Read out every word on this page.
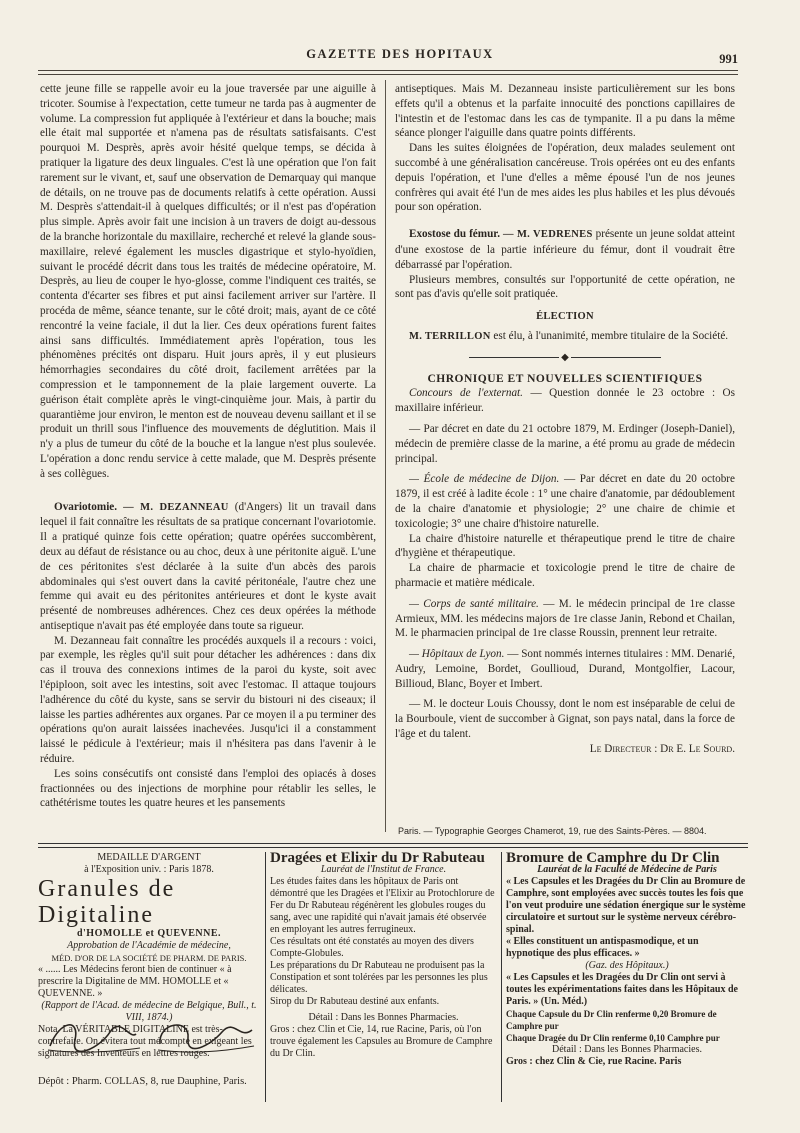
GAZETTE DES HOPITAUX	991

cette jeune fille se rappelle avoir eu la joue traversée par une aiguille à tricoter. Soumise à l'expectation, cette tumeur ne tarda pas à augmenter de volume. La compression fut appliquée à l'extérieur et dans la bouche; mais elle était mal supportée et n'amena pas de résultats satisfaisants. C'est pourquoi M. Desprès, après avoir hésité quelque temps, se décida à pratiquer la ligature des deux linguales. C'est là une opération que l'on fait rarement sur le vivant, et, sauf une observation de Demarquay qui manque de détails, on ne trouve pas de documents relatifs à cette opération. Aussi M. Desprès s'attendait-il à quelques difficultés; or il n'est pas d'opération plus simple. Après avoir fait une incision à un travers de doigt au-dessous de la branche horizontale du maxillaire, recherché et relevé la glande sous-maxillaire, relevé également les muscles digastrique et stylo-hyoïdien, suivant le procédé décrit dans tous les traités de médecine opératoire, M. Desprès, au lieu de couper le hyo-glosse, comme l'indiquent ces traités, se contenta d'écarter ses fibres et put ainsi facilement arriver sur l'artère. Il procéda de même, séance tenante, sur le côté droit; mais, ayant de ce côté rencontré la veine faciale, il dut la lier. Ces deux opérations furent faites ainsi sans difficultés. Immédiatement après l'opération, tous les phénomènes précités ont disparu. Huit jours après, il y eut plusieurs hémorrhagies secondaires du côté droit, facilement arrêtées par la compression et le tamponnement de la plaie largement ouverte. La guérison était complète après le vingt-cinquième jour. Mais, à partir du quarantième jour environ, le menton est de nouveau devenu saillant et il se produit un thrill sous l'influence des mouvements de déglutition. Mais il n'y a plus de tumeur du côté de la bouche et la langue n'est plus soulevée. L'opération a donc rendu service à cette malade, que M. Desprès présente à ses collègues.

Ovariotomie. — M. DEZANNEAU (d'Angers) lit un travail dans lequel il fait connaître les résultats de sa pratique concernant l'ovariotomie. Il a pratiqué quinze fois cette opération; quatre opérées succombèrent, deux au défaut de résistance ou au choc, deux à une péritonite aiguë. L'une de ces péritonites s'est déclarée à la suite d'un abcès des parois abdominales qui s'est ouvert dans la cavité péritonéale, l'autre chez une femme qui avait eu des péritonites antérieures et dont le kyste avait présenté de nombreuses adhérences. Chez ces deux opérées la méthode antiseptique n'avait pas été employée dans toute sa rigueur.

M. Dezanneau fait connaître les procédés auxquels il a recours : voici, par exemple, les règles qu'il suit pour détacher les adhérences : dans dix cas il trouva des connexions intimes de la paroi du kyste, soit avec l'épiploon, soit avec les intestins, soit avec l'estomac. Il attaque toujours l'adhérence du côté du kyste, sans se servir du bistouri ni des ciseaux; il laisse les parties adhérentes aux organes. Par ce moyen il a pu terminer des opérations qu'on aurait laissées inachevées. Jusqu'ici il a constamment laissé le pédicule à l'extérieur; mais il n'hésitera pas dans l'avenir à le réduire.

Les soins consécutifs ont consisté dans l'emploi des opiacés à doses fractionnées ou des injections de morphine pour rétablir les selles, le cathétérisme toutes les quatre heures et les pansements

antiseptiques. Mais M. Dezanneau insiste particulièrement sur les bons effets qu'il a obtenus et la parfaite innocuité des ponctions capillaires de l'intestin et de l'estomac dans les cas de tympanite. Il a pu dans la même séance plonger l'aiguille dans quatre points différents.

Dans les suites éloignées de l'opération, deux malades seulement ont succombé à une généralisation cancéreuse. Trois opérées ont eu des enfants depuis l'opération, et l'une d'elles a même épousé l'un de nos jeunes confrères qui avait été l'un de mes aides les plus habiles et les plus dévoués pour son opération.

Exostose du fémur. — M. VEDRENES présente un jeune soldat atteint d'une exostose de la partie inférieure du fémur, dont il voudrait être débarrassé par l'opération.

Plusieurs membres, consultés sur l'opportunité de cette opération, ne sont pas d'avis qu'elle soit pratiquée.

ÉLECTION

M. TERRILLON est élu, à l'unanimité, membre titulaire de la Société.

◆

CHRONIQUE ET NOUVELLES SCIENTIFIQUES

Concours de l'externat. — Question donnée le 23 octobre : Os maxillaire inférieur.

— Par décret en date du 21 octobre 1879, M. Erdinger (Joseph-Daniel), médecin de première classe de la marine, a été promu au grade de médecin principal.

— École de médecine de Dijon. — Par décret en date du 20 octobre 1879, il est créé à ladite école : 1° une chaire d'anatomie, par dédoublement de la chaire d'anatomie et physiologie; 2° une chaire de chimie et toxicologie; 3° une chaire d'histoire naturelle.

La chaire d'histoire naturelle et thérapeutique prend le titre de chaire d'hygiène et thérapeutique.

La chaire de pharmacie et toxicologie prend le titre de chaire de pharmacie et matière médicale.

— Corps de santé militaire. — M. le médecin principal de 1re classe Armieux, MM. les médecins majors de 1re classe Janin, Rebond et Chailan, M. le pharmacien principal de 1re classe Roussin, prennent leur retraite.

— Hôpitaux de Lyon. — Sont nommés internes titulaires : MM. Denarié, Audry, Lemoine, Bordet, Goullioud, Durand, Montgolfier, Lacour, Billioud, Blanc, Boyer et Imbert.

— M. le docteur Louis Choussy, dont le nom est inséparable de celui de la Bourboule, vient de succomber à Gignat, son pays natal, dans la force de l'âge et du talent.

Le Directeur : Dr E. Le Sourd.

Paris. — Typographie Georges Chamerot, 19, rue des Saints-Pères. — 8804.
MEDAILLE D'ARGENT
à l'Exposition univ. : Paris 1878.
Granules de Digitaline
d'HOMOLLE et QUEVENNE.
Approbation de l'Académie de médecine,
MÉD. D'OR DE LA SOCIÉTÉ DE PHARM. DE PARIS.
« ...... Les Médecins feront bien de continuer « à prescrire la Digitaline de MM. HOMOLLE et « QUEVENNE. »
(Rapport de l'Acad. de médecine de Belgique, Bull., t. VIII, 1874.)
Nota. La VÉRITABLE DIGITALINE est très-contrefaite. On évitera tout mécompte en exigeant les signatures des Inventeurs en lettres rouges.
Dépôt : Pharm. COLLAS, 8, rue Dauphine, Paris.
Dragées et Elixir du Dr Rabuteau
Lauréat de l'Institut de France.
Les études faites dans les hôpitaux de Paris ont démontré que les Dragées et l'Elixir au Protochlorure de Fer du Dr Rabuteau régénèrent les globules rouges du sang, avec une rapidité qui n'avait jamais été observée en employant les autres ferrugineux.
Ces résultats ont été constatés au moyen des divers Compte-Globules.
Les préparations du Dr Rabuteau ne produisent pas la Constipation et sont tolérées par les personnes les plus délicates.
Sirop du Dr Rabuteau destiné aux enfants.
Détail : Dans les Bonnes Pharmacies.
Gros : chez Clin et Cie, 14, rue Racine, Paris, où l'on trouve également les Capsules au Bromure de Camphre du Dr Clin.
Bromure de Camphre du Dr Clin
Lauréat de la Faculté de Médecine de Paris
« Les Capsules et les Dragées du Dr Clin au Bromure de Camphre, sont employées avec succès toutes les fois que l'on veut produire une sédation énergique sur le système circulatoire et surtout sur le système nerveux cérébro-spinal.
« Elles constituent un antispasmodique, et un hypnotique des plus efficaces. »
(Gaz. des Hôpitaux.)
« Les Capsules et les Dragées du Dr Clin ont servi à toutes les expérimentations faites dans les Hôpitaux de Paris. » (Un. Méd.)
Chaque Capsule du Dr Clin renferme 0,20 Bromure de Camphre pur
Chaque Dragée du Dr Clin renferme 0,10 Camphre pur
Détail : Dans les Bonnes Pharmacies.
Gros : chez Clin & Cie, rue Racine. Paris
